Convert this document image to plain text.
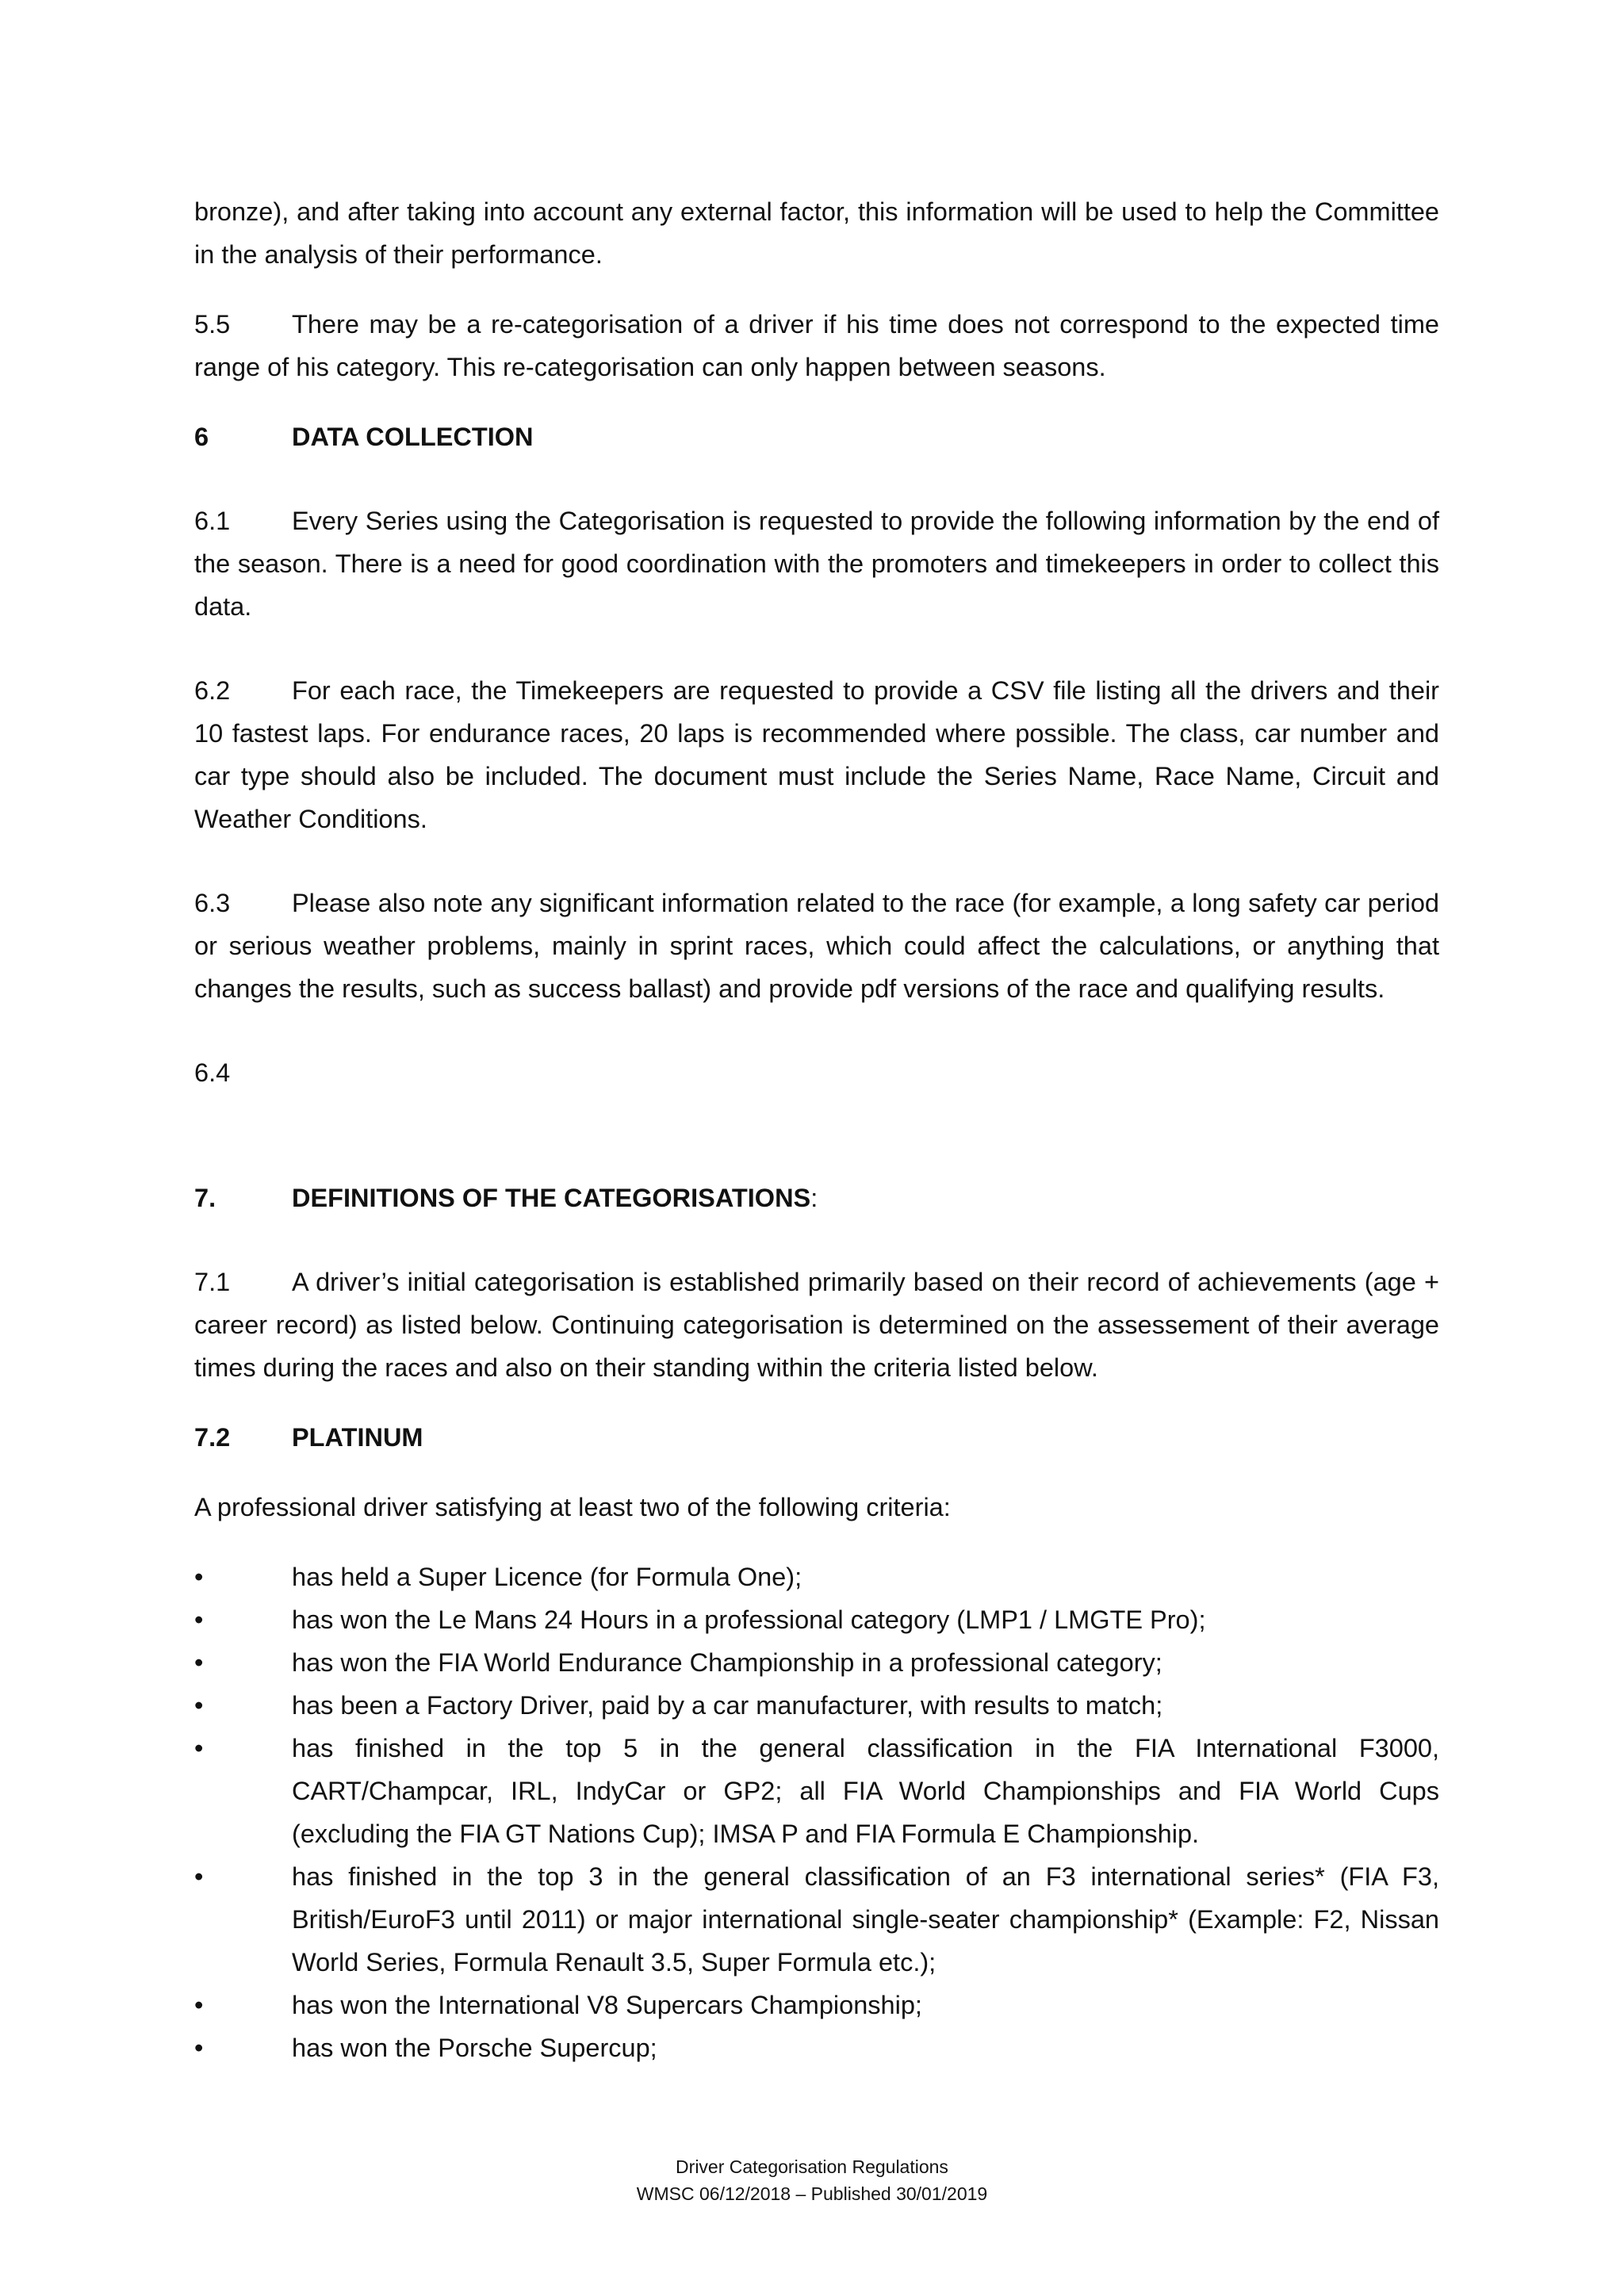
bronze), and after taking into account any external factor, this information will be used to help the Committee in the analysis of their performance.

5.5 There may be a re-categorisation of a driver if his time does not correspond to the expected time range of his category. This re-categorisation can only happen between seasons.

6	DATA COLLECTION

6.1 Every Series using the Categorisation is requested to provide the following information by the end of the season. There is a need for good coordination with the promoters and timekeepers in order to collect this data.

6.2 For each race, the Timekeepers are requested to provide a CSV file listing all the drivers and their 10 fastest laps. For endurance races, 20 laps is recommended where possible. The class, car number and car type should also be included. The document must include the Series Name, Race Name, Circuit and Weather Conditions.

6.3 Please also note any significant information related to the race (for example, a long safety car period or serious weather problems, mainly in sprint races, which could affect the calculations, or anything that changes the results, such as success ballast) and provide pdf versions of the race and qualifying results.

6.4

7.	DEFINITIONS OF THE CATEGORISATIONS:

7.1 A driver’s initial categorisation is established primarily based on their record of achievements (age + career record) as listed below. Continuing categorisation is determined on the assessement of their average times during the races and also on their standing within the criteria listed below.

7.2 PLATINUM

A professional driver satisfying at least two of the following criteria:

•	has held a Super Licence (for Formula One);

•	has won the Le Mans 24 Hours in a professional category (LMP1 / LMGTE Pro);

•	has won the FIA World Endurance Championship in a professional category;

•	has been a Factory Driver, paid by a car manufacturer, with results to match;

•	has finished in the top 5 in the general classification in the FIA International F3000, CART/Champcar, IRL, IndyCar or GP2; all FIA World Championships and FIA World Cups (excluding the FIA GT Nations Cup); IMSA P and FIA Formula E Championship.

•	has finished in the top 3 in the general classification of an F3 international series* (FIA F3, British/EuroF3 until 2011) or major international single-seater championship* (Example: F2, Nissan World Series, Formula Renault 3.5, Super Formula etc.);

•	has won the International V8 Supercars Championship;

•	has won the Porsche Supercup;

Driver Categorisation Regulations
WMSC 06/12/2018 – Published 30/01/2019
